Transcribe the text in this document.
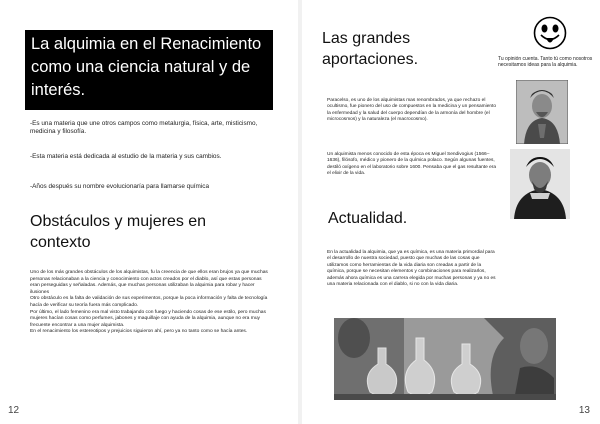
La alquimia en el Renacimiento como una ciencia natural y de interés.
-Es una materia que une otros campos como metalurgia, física, arte, misticismo, medicina y filosofía.
-Esta materia está dedicada al estudio de la materia y sus cambios.
-Años después su nombre evolucionaría para llamarse química
Obstáculos y mujeres en contexto

Uno de los más grandes obstáculos de los alquimistas, fu la creencia de que ellos eran brujos ya que muchas personas relacionaban a la ciencia y conocimiento con actos creados por el diablo, así que estas personas eran perseguidas y señaladas. Además, que muchas personas utilizaban la alquimia para robar y hacer ilusiones

Otro obstáculo es la falta de validación de sus experimentos, porque la poca información y falta de tecnología hacía de verificar su teoría fuera más complicado.

Por último, el lado femenino era mal visto trabajando con fuego y haciendo cosas de ese estilo, pero muchas mujeres hacían cosas como perfumes, jabones y maquillaje con ayuda de la alquimia, aunque no era muy frecuente encontrar a una mujer alquimista.

En el renacimiento los estereotipos y prejuicios siguieron ahí, pero ya no tanto como se hacía antes.

12
Las grandes aportaciones.	Tu opinión cuenta. Tanto tú como nosotros necesitamos ideas para la alquimia.
Paracelso, es uno de los alquimistas mas renombrados, ya que rechazo el ocultismo, fue pionero del uso de compuestos en la medicina y un pensamiento la enfermedad y la salud del cuerpo dependían de la armonía del hombre (el microcosmos) y la naturaleza (el macrocosmo).
Un alquimista menos conocido de esta época es Miguel Sendivogius (1566–1636), filósofo, médico y pionero de la química polaco. Según algunas fuentes, destiló oxígeno en el laboratorio sobre 1600. Pensaba que el gas resultante era el elixir de la vida.
Actualidad.
En la actualidad la alquimia, que ya es química, es una materia primordial para el desarrollo de nuestra sociedad, puesto que muchas de las cosas que utilizamos como herramientas de la vida diaria son creadas a partir de la química, porque se necesitan elementos y combinaciones para realizarlos, además ahora química es una carrera elegida por muchas personas y ya no es una materia relacionada con el diablo, si no con la vida diaria.
13
